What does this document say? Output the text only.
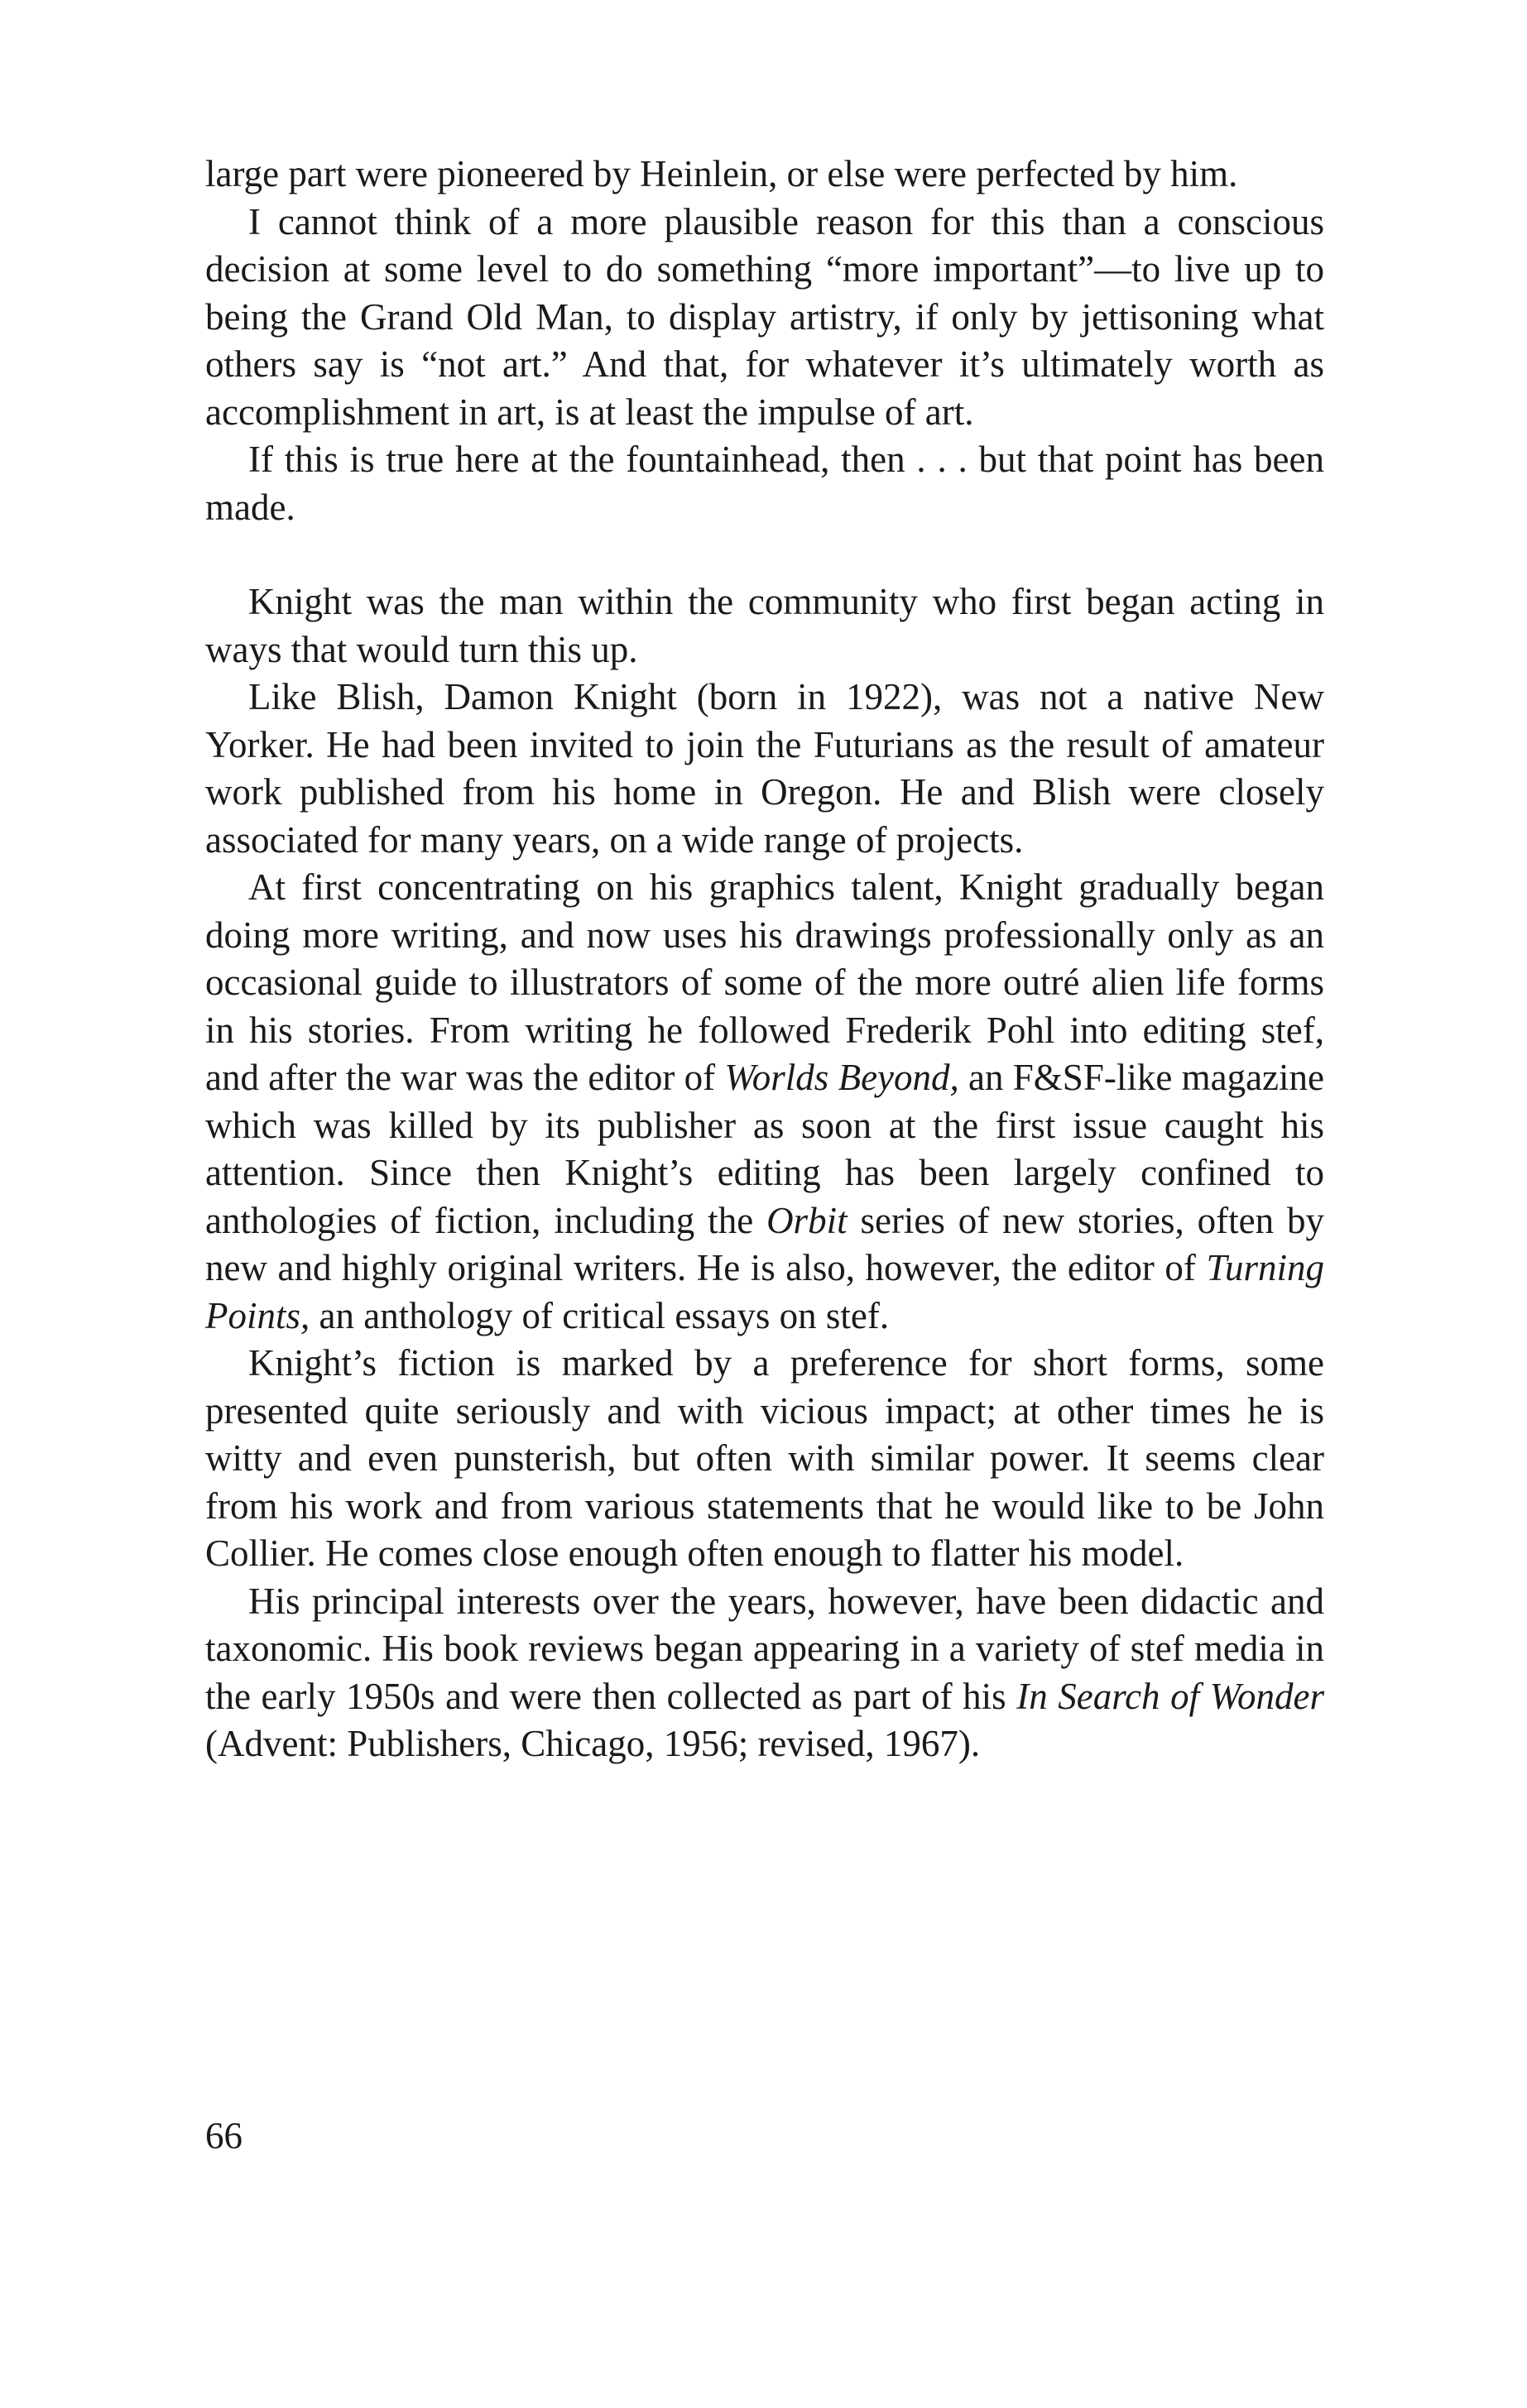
large part were pioneered by Heinlein, or else were perfected by him.

I cannot think of a more plausible reason for this than a conscious decision at some level to do something “more important”—to live up to being the Grand Old Man, to display artistry, if only by jettisoning what others say is “not art.” And that, for whatever it’s ultimately worth as accomplishment in art, is at least the impulse of art.

If this is true here at the fountainhead, then . . . but that point has been made.

Knight was the man within the community who first began acting in ways that would turn this up.

Like Blish, Damon Knight (born in 1922), was not a native New Yorker. He had been invited to join the Futurians as the result of amateur work published from his home in Oregon. He and Blish were closely associated for many years, on a wide range of projects.

At first concentrating on his graphics talent, Knight gradually began doing more writing, and now uses his drawings professionally only as an occasional guide to illustrators of some of the more outré alien life forms in his stories. From writing he followed Frederik Pohl into editing stef, and after the war was the editor of Worlds Beyond, an F&SF-like magazine which was killed by its publisher as soon at the first issue caught his attention. Since then Knight’s editing has been largely confined to anthologies of fiction, including the Orbit series of new stories, often by new and highly original writers. He is also, however, the editor of Turning Points, an anthology of critical essays on stef.

Knight’s fiction is marked by a preference for short forms, some presented quite seriously and with vicious impact; at other times he is witty and even punsterish, but often with similar power. It seems clear from his work and from various statements that he would like to be John Collier. He comes close enough often enough to flatter his model.

His principal interests over the years, however, have been didactic and taxonomic. His book reviews began appearing in a variety of stef media in the early 1950s and were then collected as part of his In Search of Wonder (Advent: Publishers, Chicago, 1956; revised, 1967).

66
